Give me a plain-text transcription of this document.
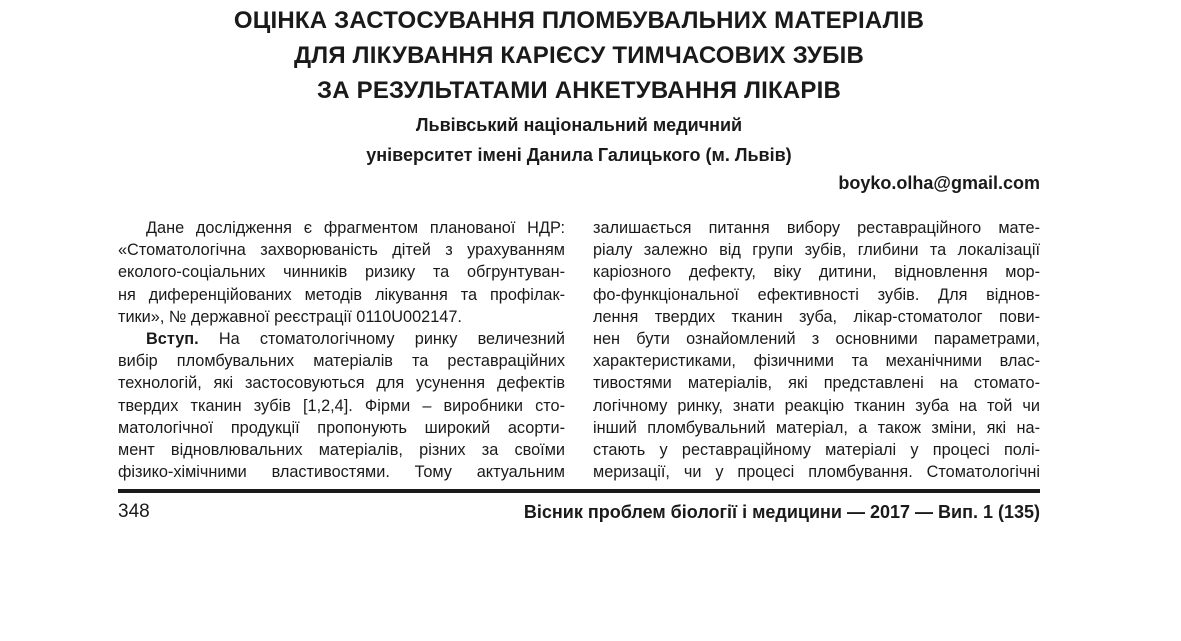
ОЦІНКА ЗАСТОСУВАННЯ ПЛОМБУВАЛЬНИХ МАТЕРІАЛІВ
ДЛЯ ЛІКУВАННЯ КАРІЄСУ ТИМЧАСОВИХ ЗУБІВ
ЗА РЕЗУЛЬТАТАМИ АНКЕТУВАННЯ ЛІКАРІВ
Львівський національний медичний
університет імені Данила Галицького (м. Львів)
boyko.olha@gmail.com
Дане дослідження є фрагментом планованої НДР:
«Стоматологічна захворюваність дітей з урахуванням
еколого-соціальних чинників ризику та обгрунтуван-
ня диференційованих методів лікування та профілак-
тики», № державної реєстрації 0110U002147.
Вступ. На стоматологічному ринку величезний
вибір пломбувальних матеріалів та реставраційних
технологій, які застосовуються для усунення дефектів
твердих тканин зубів [1,2,4]. Фірми – виробники сто-
матологічної продукції пропонують широкий асорти-
мент відновлювальних матеріалів, різних за своїми
фізико-хімічними властивостями. Тому актуальним
залишається питання вибору реставраційного мате-
ріалу залежно від групи зубів, глибини та локалізації
каріозного дефекту, віку дитини, відновлення мор-
фо-функціональної ефективності зубів. Для віднов-
лення твердих тканин зуба, лікар-стоматолог пови-
нен бути ознайомлений з основними параметрами,
характеристиками, фізичними та механічними влас-
тивостями матеріалів, які представлені на стомато-
логічному ринку, знати реакцію тканин зуба на той чи
інший пломбувальний матеріал, а також зміни, які на-
стають у реставраційному матеріалі у процесі полі-
меризації, чи у процесі пломбування. Стоматологічні
348	Вісник проблем біології і медицини — 2017 — Вип. 1 (135)
